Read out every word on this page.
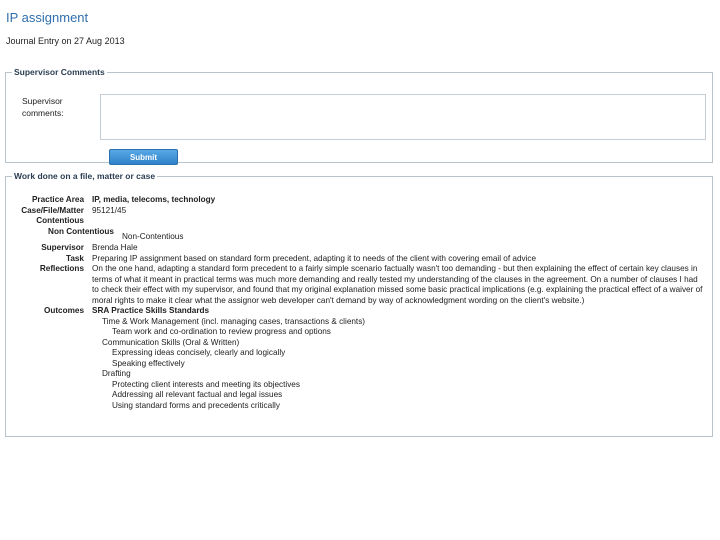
IP assignment
Journal Entry on 27 Aug 2013
Supervisor Comments
Supervisor comments:
Submit
Work done on a file, matter or case
Practice Area IP, media, telecoms, technology
Case/File/Matter 95121/45
Contentious
Non Contentious
Non-Contentious
Supervisor Brenda Hale
Task Preparing IP assignment based on standard form precedent, adapting it to needs of the client with covering email of advice
Reflections On the one hand, adapting a standard form precedent to a fairly simple scenario factually wasn't too demanding - but then explaining the effect of certain key clauses in terms of what it meant in practical terms was much more demanding and really tested my understanding of the clauses in the agreement. On a number of clauses I had to check their effect with my supervisor, and found that my original explanation missed some basic practical implications (e.g. explaining the practical effect of a waiver of moral rights to make it clear what the assignor web developer can't demand by way of acknowledgment wording on the client's website.)
Outcomes SRA Practice Skills Standards
Time & Work Management (incl. managing cases, transactions & clients)
Team work and co-ordination to review progress and options
Communication Skills (Oral & Written)
Expressing ideas concisely, clearly and logically
Speaking effectively
Drafting
Protecting client interests and meeting its objectives
Addressing all relevant factual and legal issues
Using standard forms and precedents critically
